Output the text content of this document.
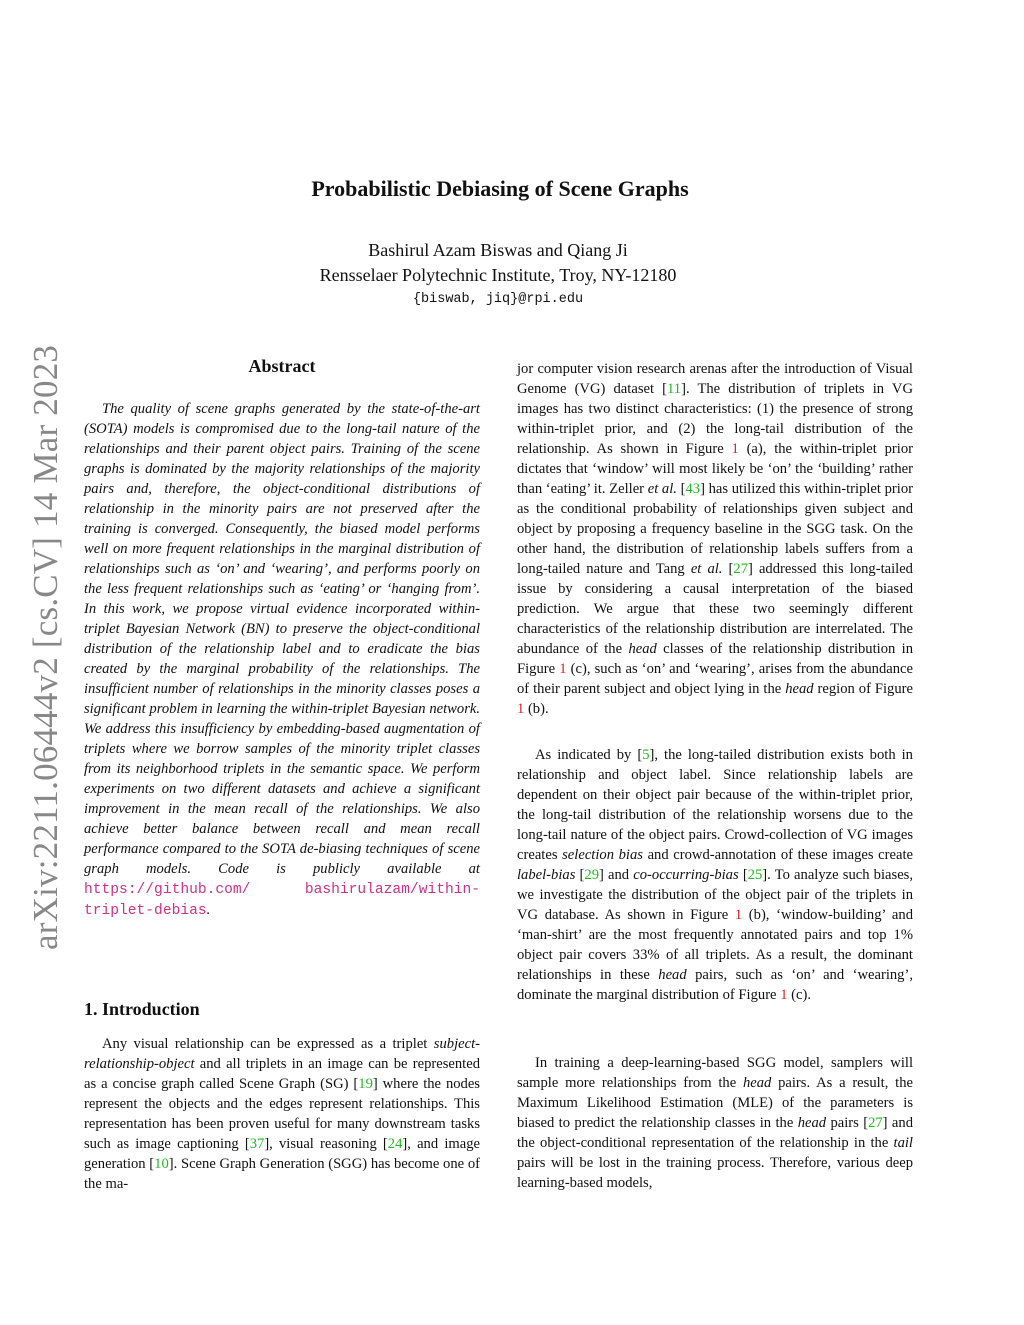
arXiv:2211.06444v2 [cs.CV] 14 Mar 2023
Probabilistic Debiasing of Scene Graphs
Bashirul Azam Biswas and Qiang Ji
Rensselaer Polytechnic Institute, Troy, NY-12180
{biswab, jiq}@rpi.edu
Abstract
The quality of scene graphs generated by the state-of-the-art (SOTA) models is compromised due to the long-tail nature of the relationships and their parent object pairs. Training of the scene graphs is dominated by the majority relationships of the majority pairs and, therefore, the object-conditional distributions of relationship in the minority pairs are not preserved after the training is converged. Consequently, the biased model performs well on more frequent relationships in the marginal distribution of relationships such as ‘on’ and ‘wearing’, and performs poorly on the less frequent relationships such as ‘eating’ or ‘hanging from’. In this work, we propose virtual evidence incorporated within-triplet Bayesian Network (BN) to preserve the object-conditional distribution of the relationship label and to eradicate the bias created by the marginal probability of the relationships. The insufficient number of relationships in the minority classes poses a significant problem in learning the within-triplet Bayesian network. We address this insufficiency by embedding-based augmentation of triplets where we borrow samples of the minority triplet classes from its neighborhood triplets in the semantic space. We perform experiments on two different datasets and achieve a significant improvement in the mean recall of the relationships. We also achieve better balance between recall and mean recall performance compared to the SOTA de-biasing techniques of scene graph models. Code is publicly available at https://github.com/ bashirulazam/within-triplet-debias.
1. Introduction

Any visual relationship can be expressed as a triplet subject-relationship-object and all triplets in an image can be represented as a concise graph called Scene Graph (SG) [19] where the nodes represent the objects and the edges represent relationships. This representation has been proven useful for many downstream tasks such as image captioning [37], visual reasoning [24], and image generation [10]. Scene Graph Generation (SGG) has become one of the ma-

jor computer vision research arenas after the introduction of Visual Genome (VG) dataset [11]. The distribution of triplets in VG images has two distinct characteristics: (1) the presence of strong within-triplet prior, and (2) the long-tail distribution of the relationship. As shown in Figure 1 (a), the within-triplet prior dictates that ‘window’ will most likely be ‘on’ the ‘building’ rather than ‘eating’ it. Zeller et al. [43] has utilized this within-triplet prior as the conditional probability of relationships given subject and object by proposing a frequency baseline in the SGG task. On the other hand, the distribution of relationship labels suffers from a long-tailed nature and Tang et al. [27] addressed this long-tailed issue by considering a causal interpretation of the biased prediction. We argue that these two seemingly different characteristics of the relationship distribution are interrelated. The abundance of the head classes of the relationship distribution in Figure 1 (c), such as ‘on’ and ‘wearing’, arises from the abundance of their parent subject and object lying in the head region of Figure 1 (b).

As indicated by [5], the long-tailed distribution exists both in relationship and object label. Since relationship labels are dependent on their object pair because of the within-triplet prior, the long-tail distribution of the relationship worsens due to the long-tail nature of the object pairs. Crowd-collection of VG images creates selection bias and crowd-annotation of these images create label-bias [29] and co-occurring-bias [25]. To analyze such biases, we investigate the distribution of the object pair of the triplets in VG database. As shown in Figure 1 (b), ‘window-building’ and ‘man-shirt’ are the most frequently annotated pairs and top 1% object pair covers 33% of all triplets. As a result, the dominant relationships in these head pairs, such as ‘on’ and ‘wearing’, dominate the marginal distribution of Figure 1 (c).

In training a deep-learning-based SGG model, samplers will sample more relationships from the head pairs. As a result, the Maximum Likelihood Estimation (MLE) of the parameters is biased to predict the relationship classes in the head pairs [27] and the object-conditional representation of the relationship in the tail pairs will be lost in the training process. Therefore, various deep learning-based models,
